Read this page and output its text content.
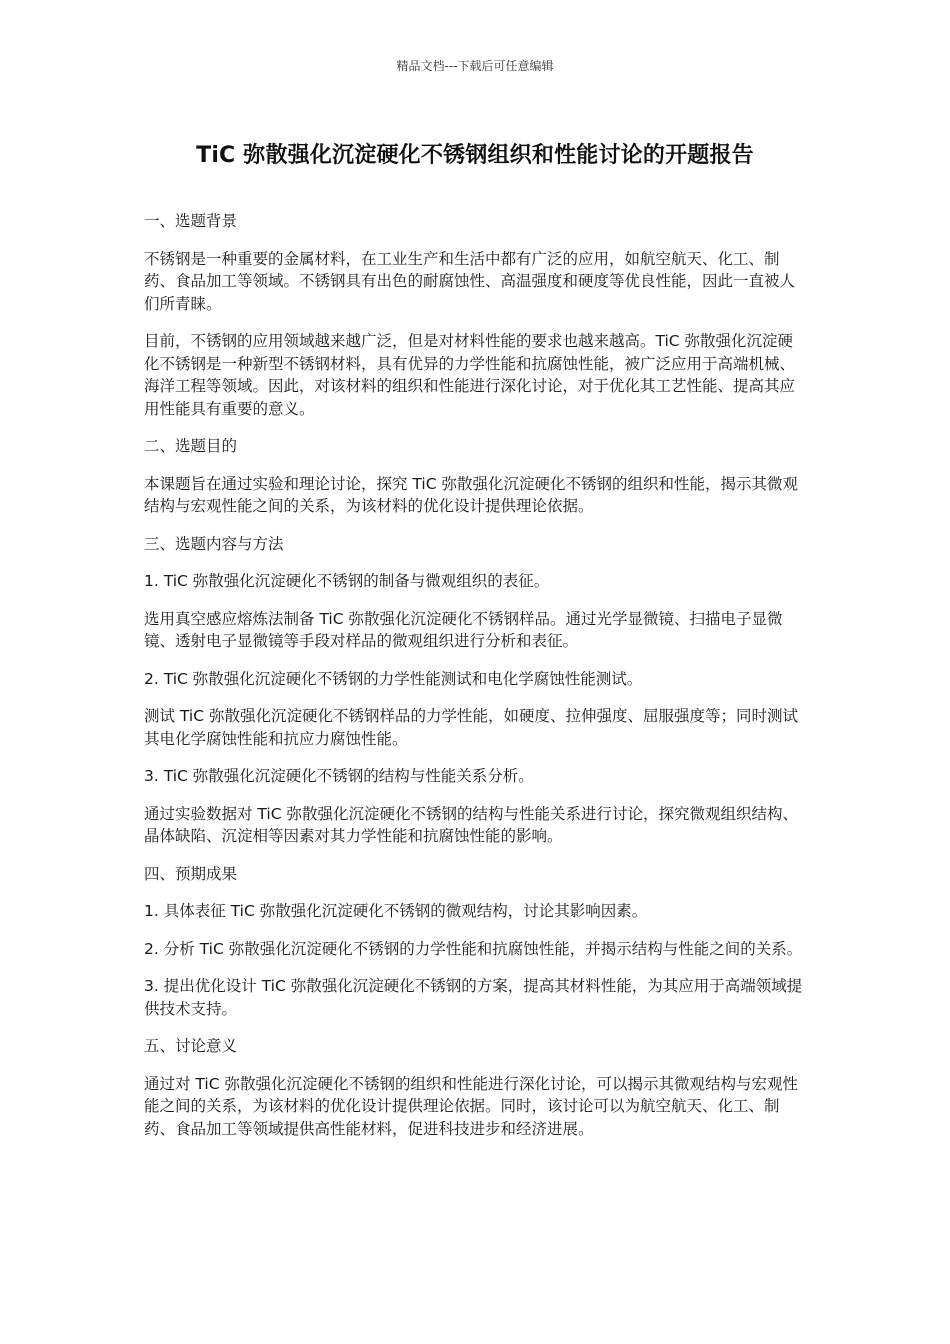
精品文档---下载后可任意编辑
TiC 弥散强化沉淀硬化不锈钢组织和性能讨论的开题报告

一、选题背景

不锈钢是一种重要的金属材料，在工业生产和生活中都有广泛的应用，如航空航天、化工、制药、食品加工等领域。不锈钢具有出色的耐腐蚀性、高温强度和硬度等优良性能，因此一直被人们所青睐。

目前，不锈钢的应用领域越来越广泛，但是对材料性能的要求也越来越高。TiC 弥散强化沉淀硬化不锈钢是一种新型不锈钢材料，具有优异的力学性能和抗腐蚀性能，被广泛应用于高端机械、海洋工程等领域。因此，对该材料的组织和性能进行深化讨论，对于优化其工艺性能、提高其应用性能具有重要的意义。

二、选题目的

本课题旨在通过实验和理论讨论，探究 TiC 弥散强化沉淀硬化不锈钢的组织和性能，揭示其微观结构与宏观性能之间的关系，为该材料的优化设计提供理论依据。

三、选题内容与方法

1. TiC 弥散强化沉淀硬化不锈钢的制备与微观组织的表征。

选用真空感应熔炼法制备 TiC 弥散强化沉淀硬化不锈钢样品。通过光学显微镜、扫描电子显微镜、透射电子显微镜等手段对样品的微观组织进行分析和表征。

2. TiC 弥散强化沉淀硬化不锈钢的力学性能测试和电化学腐蚀性能测试。

测试 TiC 弥散强化沉淀硬化不锈钢样品的力学性能，如硬度、拉伸强度、屈服强度等；同时测试其电化学腐蚀性能和抗应力腐蚀性能。

3. TiC 弥散强化沉淀硬化不锈钢的结构与性能关系分析。

通过实验数据对 TiC 弥散强化沉淀硬化不锈钢的结构与性能关系进行讨论，探究微观组织结构、晶体缺陷、沉淀相等因素对其力学性能和抗腐蚀性能的影响。

四、预期成果

1. 具体表征 TiC 弥散强化沉淀硬化不锈钢的微观结构，讨论其影响因素。

2. 分析 TiC 弥散强化沉淀硬化不锈钢的力学性能和抗腐蚀性能，并揭示结构与性能之间的关系。

3. 提出优化设计 TiC 弥散强化沉淀硬化不锈钢的方案，提高其材料性能，为其应用于高端领域提供技术支持。

五、讨论意义

通过对 TiC 弥散强化沉淀硬化不锈钢的组织和性能进行深化讨论，可以揭示其微观结构与宏观性能之间的关系，为该材料的优化设计提供理论依据。同时，该讨论可以为航空航天、化工、制药、食品加工等领域提供高性能材料，促进科技进步和经济进展。
